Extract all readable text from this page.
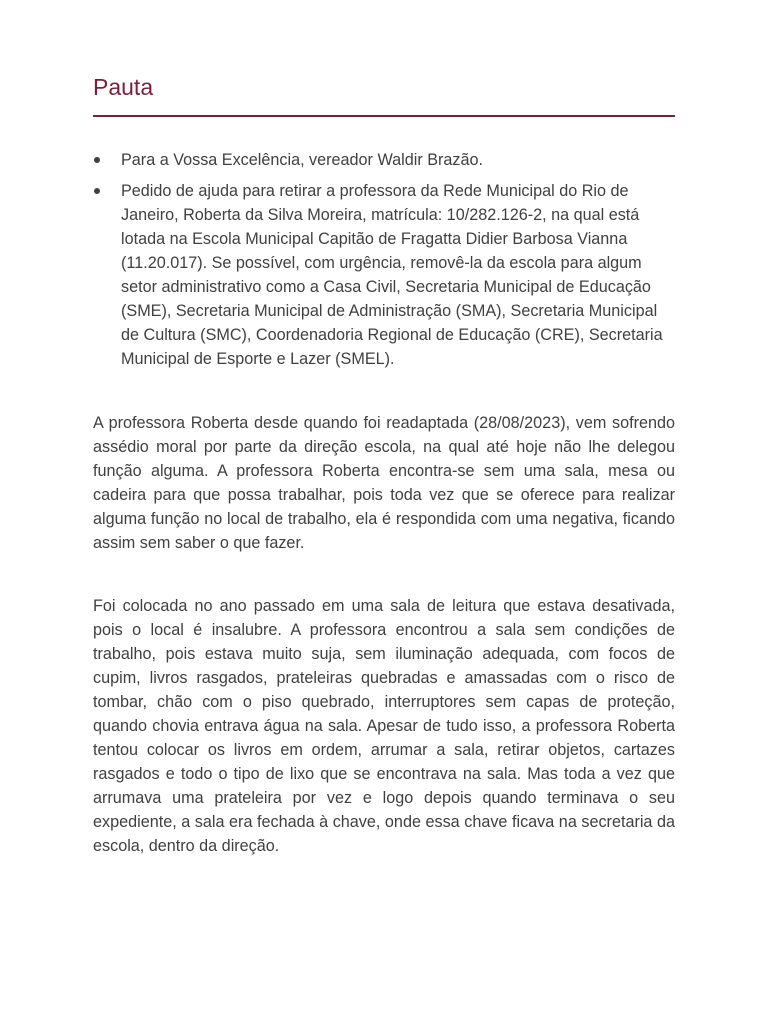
Pauta
Para a Vossa Excelência, vereador Waldir Brazão.
Pedido de ajuda para retirar a professora da Rede Municipal do Rio de Janeiro, Roberta da Silva Moreira, matrícula: 10/282.126-2, na qual está lotada na Escola Municipal Capitão de Fragatta Didier Barbosa Vianna (11.20.017). Se possível, com urgência, removê-la da escola para algum setor administrativo como a Casa Civil, Secretaria Municipal de Educação (SME), Secretaria Municipal de Administração (SMA), Secretaria Municipal de Cultura (SMC), Coordenadoria Regional de Educação (CRE), Secretaria Municipal de Esporte e Lazer (SMEL).

A professora Roberta desde quando foi readaptada (28/08/2023), vem sofrendo assédio moral por parte da direção escola, na qual até hoje não lhe delegou função alguma. A professora Roberta encontra-se sem uma sala, mesa ou cadeira para que possa trabalhar, pois toda vez que se oferece para realizar alguma função no local de trabalho, ela é respondida com uma negativa, ficando assim sem saber o que fazer.

Foi colocada no ano passado em uma sala de leitura que estava desativada, pois o local é insalubre. A professora encontrou a sala sem condições de trabalho, pois estava muito suja, sem iluminação adequada, com focos de cupim, livros rasgados, prateleiras quebradas e amassadas com o risco de tombar, chão com o piso quebrado, interruptores sem capas de proteção, quando chovia entrava água na sala. Apesar de tudo isso, a professora Roberta tentou colocar os livros em ordem, arrumar a sala, retirar objetos, cartazes rasgados e todo o tipo de lixo que se encontrava na sala. Mas toda a vez que arrumava uma prateleira por vez e logo depois quando terminava o seu expediente, a sala era fechada à chave, onde essa chave ficava na secretaria da escola, dentro da direção.
